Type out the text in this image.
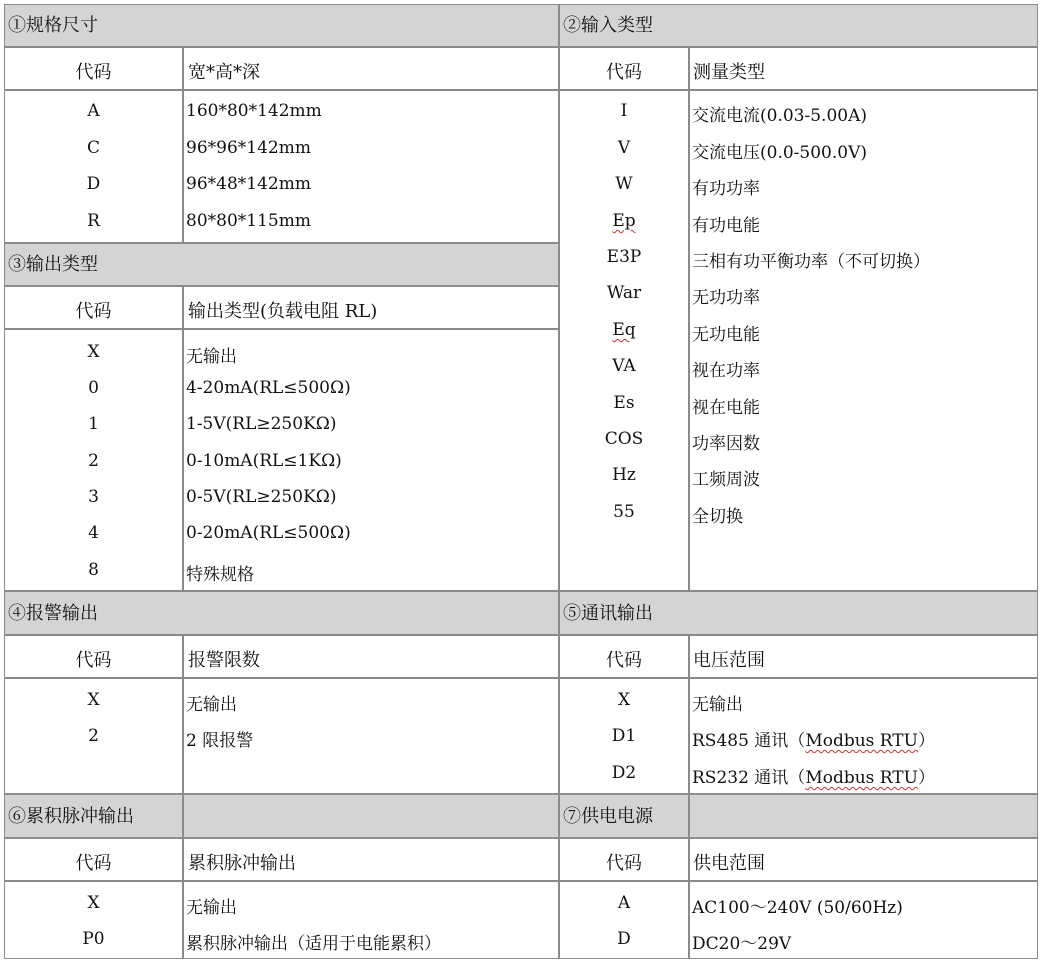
①规格尺寸
代码	宽*高*深
A	160*80*142mm
C	96*96*142mm
D	96*48*142mm
R	80*80*115mm
③输出类型
代码	输出类型(负载电阻 RL)
X	无输出
0	4-20mA(RL≤500Ω)
1	1-5V(RL≥250KΩ)
2	0-10mA(RL≤1KΩ)
3	0-5V(RL≥250KΩ)
4	0-20mA(RL≤500Ω)
8	特殊规格
②输入类型
代码	测量类型
I	交流电流(0.03-5.00A)
V	交流电压(0.0-500.0V)
W	有功功率
Ep	有功电能
E3P	三相有功平衡功率（不可切换）
War	无功功率
Eq	无功电能
VA	视在功率
Es	视在电能
COS	功率因数
Hz	工频周波
55	全切换
④报警输出
代码	报警限数
X	无输出
2	2 限报警
⑤通讯输出
代码	电压范围
X	无输出
D1	RS485 通讯（Modbus RTU）
D2	RS232 通讯（Modbus RTU）
⑥累积脉冲输出
代码	累积脉冲输出
X	无输出
P0	累积脉冲输出（适用于电能累积）
⑦供电电源
代码	供电范围
A	AC100～240V (50/60Hz)
D	DC20～29V
